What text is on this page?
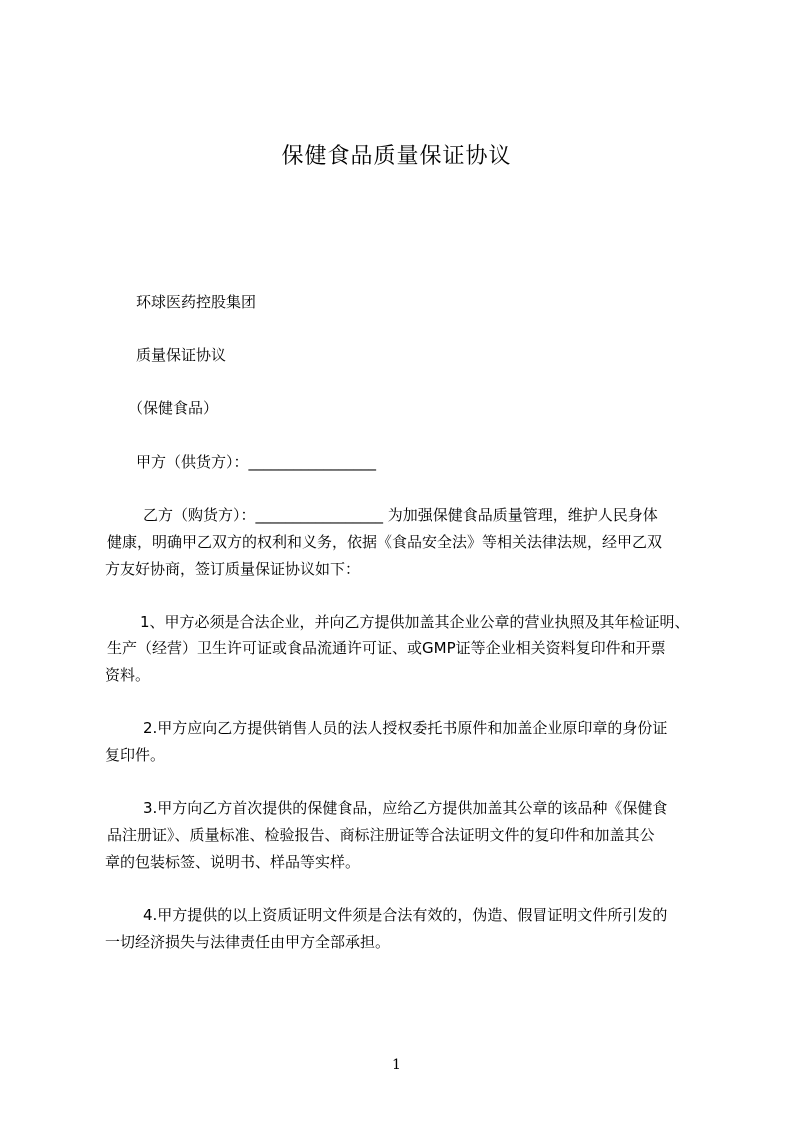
保健食品质量保证协议

环球医药控股集团

质量保证协议

（保健食品）

甲方（供货方）：_________________

乙方（购货方）：_________________ 为加强保健食品质量管理，维护人民身体

健康，明确甲乙双方的权利和义务，依据《食品安全法》等相关法律法规，经甲乙双

方友好协商，签订质量保证协议如下：

1、甲方必须是合法企业，并向乙方提供加盖其企业公章的营业执照及其年检证明、

生产（经营）卫生许可证或食品流通许可证、或GMP证等企业相关资料复印件和开票

资料。

2.甲方应向乙方提供销售人员的法人授权委托书原件和加盖企业原印章的身份证

复印件。

3.甲方向乙方首次提供的保健食品，应给乙方提供加盖其公章的该品种《保健食

品注册证》、质量标准、检验报告、商标注册证等合法证明文件的复印件和加盖其公

章的包装标签、说明书、样品等实样。

4.甲方提供的以上资质证明文件须是合法有效的，伪造、假冒证明文件所引发的

一切经济损失与法律责任由甲方全部承担。

1
